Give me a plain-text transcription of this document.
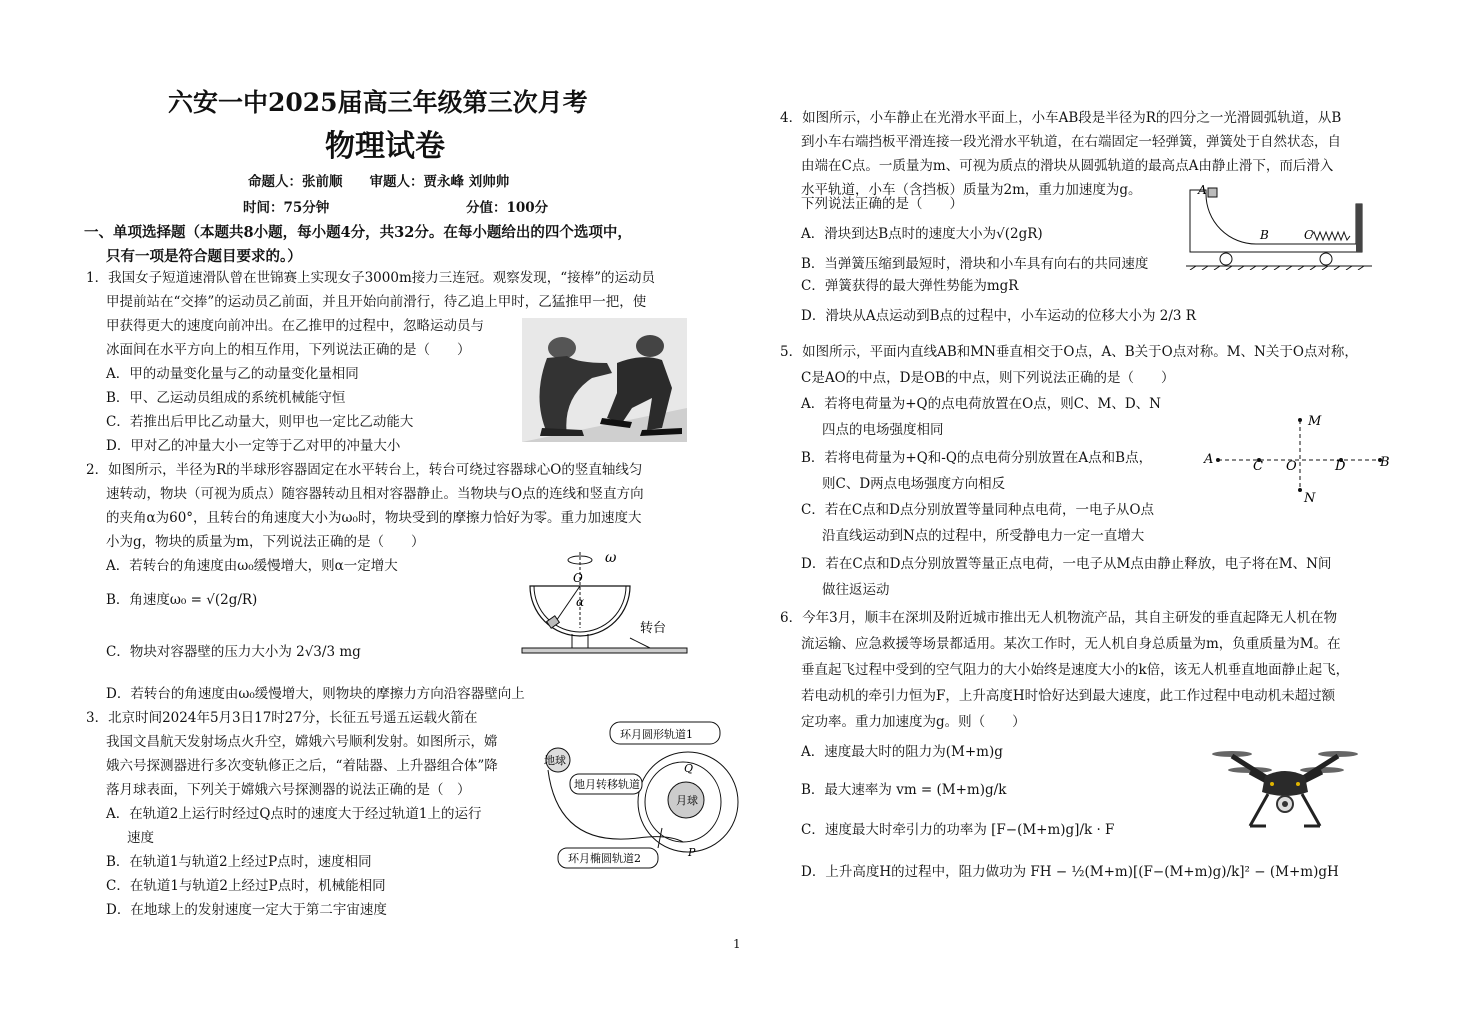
六安一中2025届高三年级第三次月考
物理试卷
命题人：张前顺　　审题人：贾永峰 刘帅帅
时间：75分钟	分值：100分
一、单项选择题（本题共8小题，每小题4分，共32分。在每小题给出的四个选项中，
只有一项是符合题目要求的。）
1．我国女子短道速滑队曾在世锦赛上实现女子3000m接力三连冠。观察发现，“接棒”的运动员
甲提前站在“交捧”的运动员乙前面，并且开始向前滑行，待乙追上甲时，乙猛推甲一把，使
甲获得更大的速度向前冲出。在乙推甲的过程中，忽略运动员与
冰面间在水平方向上的相互作用，下列说法正确的是（　　）
A．甲的动量变化量与乙的动量变化量相同
B．甲、乙运动员组成的系统机械能守恒
C．若推出后甲比乙动量大，则甲也一定比乙动能大
D．甲对乙的冲量大小一定等于乙对甲的冲量大小
2．如图所示，半径为R的半球形容器固定在水平转台上，转台可绕过容器球心O的竖直轴线匀
速转动，物块（可视为质点）随容器转动且相对容器静止。当物块与O点的连线和竖直方向
的夹角α为60°，且转台的角速度大小为ω₀时，物块受到的摩擦力恰好为零。重力加速度大
小为g，物块的质量为m，下列说法正确的是（　　）
A．若转台的角速度由ω₀缓慢增大，则α一定增大
B．角速度ω₀ = √(2g/R)
C．物块对容器壁的压力大小为 2√3/3 mg
D．若转台的角速度由ω₀缓慢增大，则物块的摩擦力方向沿容器壁向上
ω
O
α
转台
3．北京时间2024年5月3日17时27分，长征五号遥五运载火箭在
我国文昌航天发射场点火升空，嫦娥六号顺利发射。如图所示，嫦
娥六号探测器进行多次变轨修正之后，“着陆器、上升器组合体”降
落月球表面，下列关于嫦娥六号探测器的说法正确的是（　）
A．在轨道2上运行时经过Q点时的速度大于经过轨道1上的运行
速度
B．在轨道1与轨道2上经过P点时，速度相同
C．在轨道1与轨道2上经过P点时，机械能相同
D．在地球上的发射速度一定大于第二宇宙速度
环月圆形轨道1
月球
地球
地月转移轨道
Q
P
环月椭圆轨道2
1
4．如图所示，小车静止在光滑水平面上，小车AB段是半径为R的四分之一光滑圆弧轨道，从B
到小车右端挡板平滑连接一段光滑水平轨道，在右端固定一轻弹簧，弹簧处于自然状态，自
由端在C点。一质量为m、可视为质点的滑块从圆弧轨道的最高点A由静止滑下，而后滑入
水平轨道，小车（含挡板）质量为2m，重力加速度为g。
下列说法正确的是（　　）
A．滑块到达B点时的速度大小为√(2gR)
B．当弹簧压缩到最短时，滑块和小车具有向右的共同速度
C．弹簧获得的最大弹性势能为mgR
D．滑块从A点运动到B点的过程中，小车运动的位移大小为 2/3 R
A
B	C
5．如图所示，平面内直线AB和MN垂直相交于O点，A、B关于O点对称。M、N关于O点对称，
C是AO的中点，D是OB的中点，则下列说法正确的是（　　）
A．若将电荷量为+Q的点电荷放置在O点，则C、M、D、N
四点的电场强度相同
B．若将电荷量为+Q和-Q的点电荷分别放置在A点和B点，
则C、D两点电场强度方向相反
C．若在C点和D点分别放置等量同种点电荷，一电子从O点
沿直线运动到N点的过程中，所受静电力一定一直增大
D．若在C点和D点分别放置等量正点电荷，一电子从M点由静止释放，电子将在M、N间
做往返运动
M
N
A	C O	D	B
6．今年3月，顺丰在深圳及附近城市推出无人机物流产品，其自主研发的垂直起降无人机在物
流运输、应急救援等场景都适用。某次工作时，无人机自身总质量为m，负重质量为M。在
垂直起飞过程中受到的空气阻力的大小始终是速度大小的k倍，该无人机垂直地面静止起飞，
若电动机的牵引力恒为F，上升高度H时恰好达到最大速度，此工作过程中电动机未超过额
定功率。重力加速度为g。则（　　）
A．速度最大时的阻力为(M+m)g
B．最大速率为 vm = (M+m)g/k
C．速度最大时牵引力的功率为 [F−(M+m)g]/k · F
D．上升高度H的过程中，阻力做功为 FH − ½(M+m)[(F−(M+m)g)/k]² − (M+m)gH
